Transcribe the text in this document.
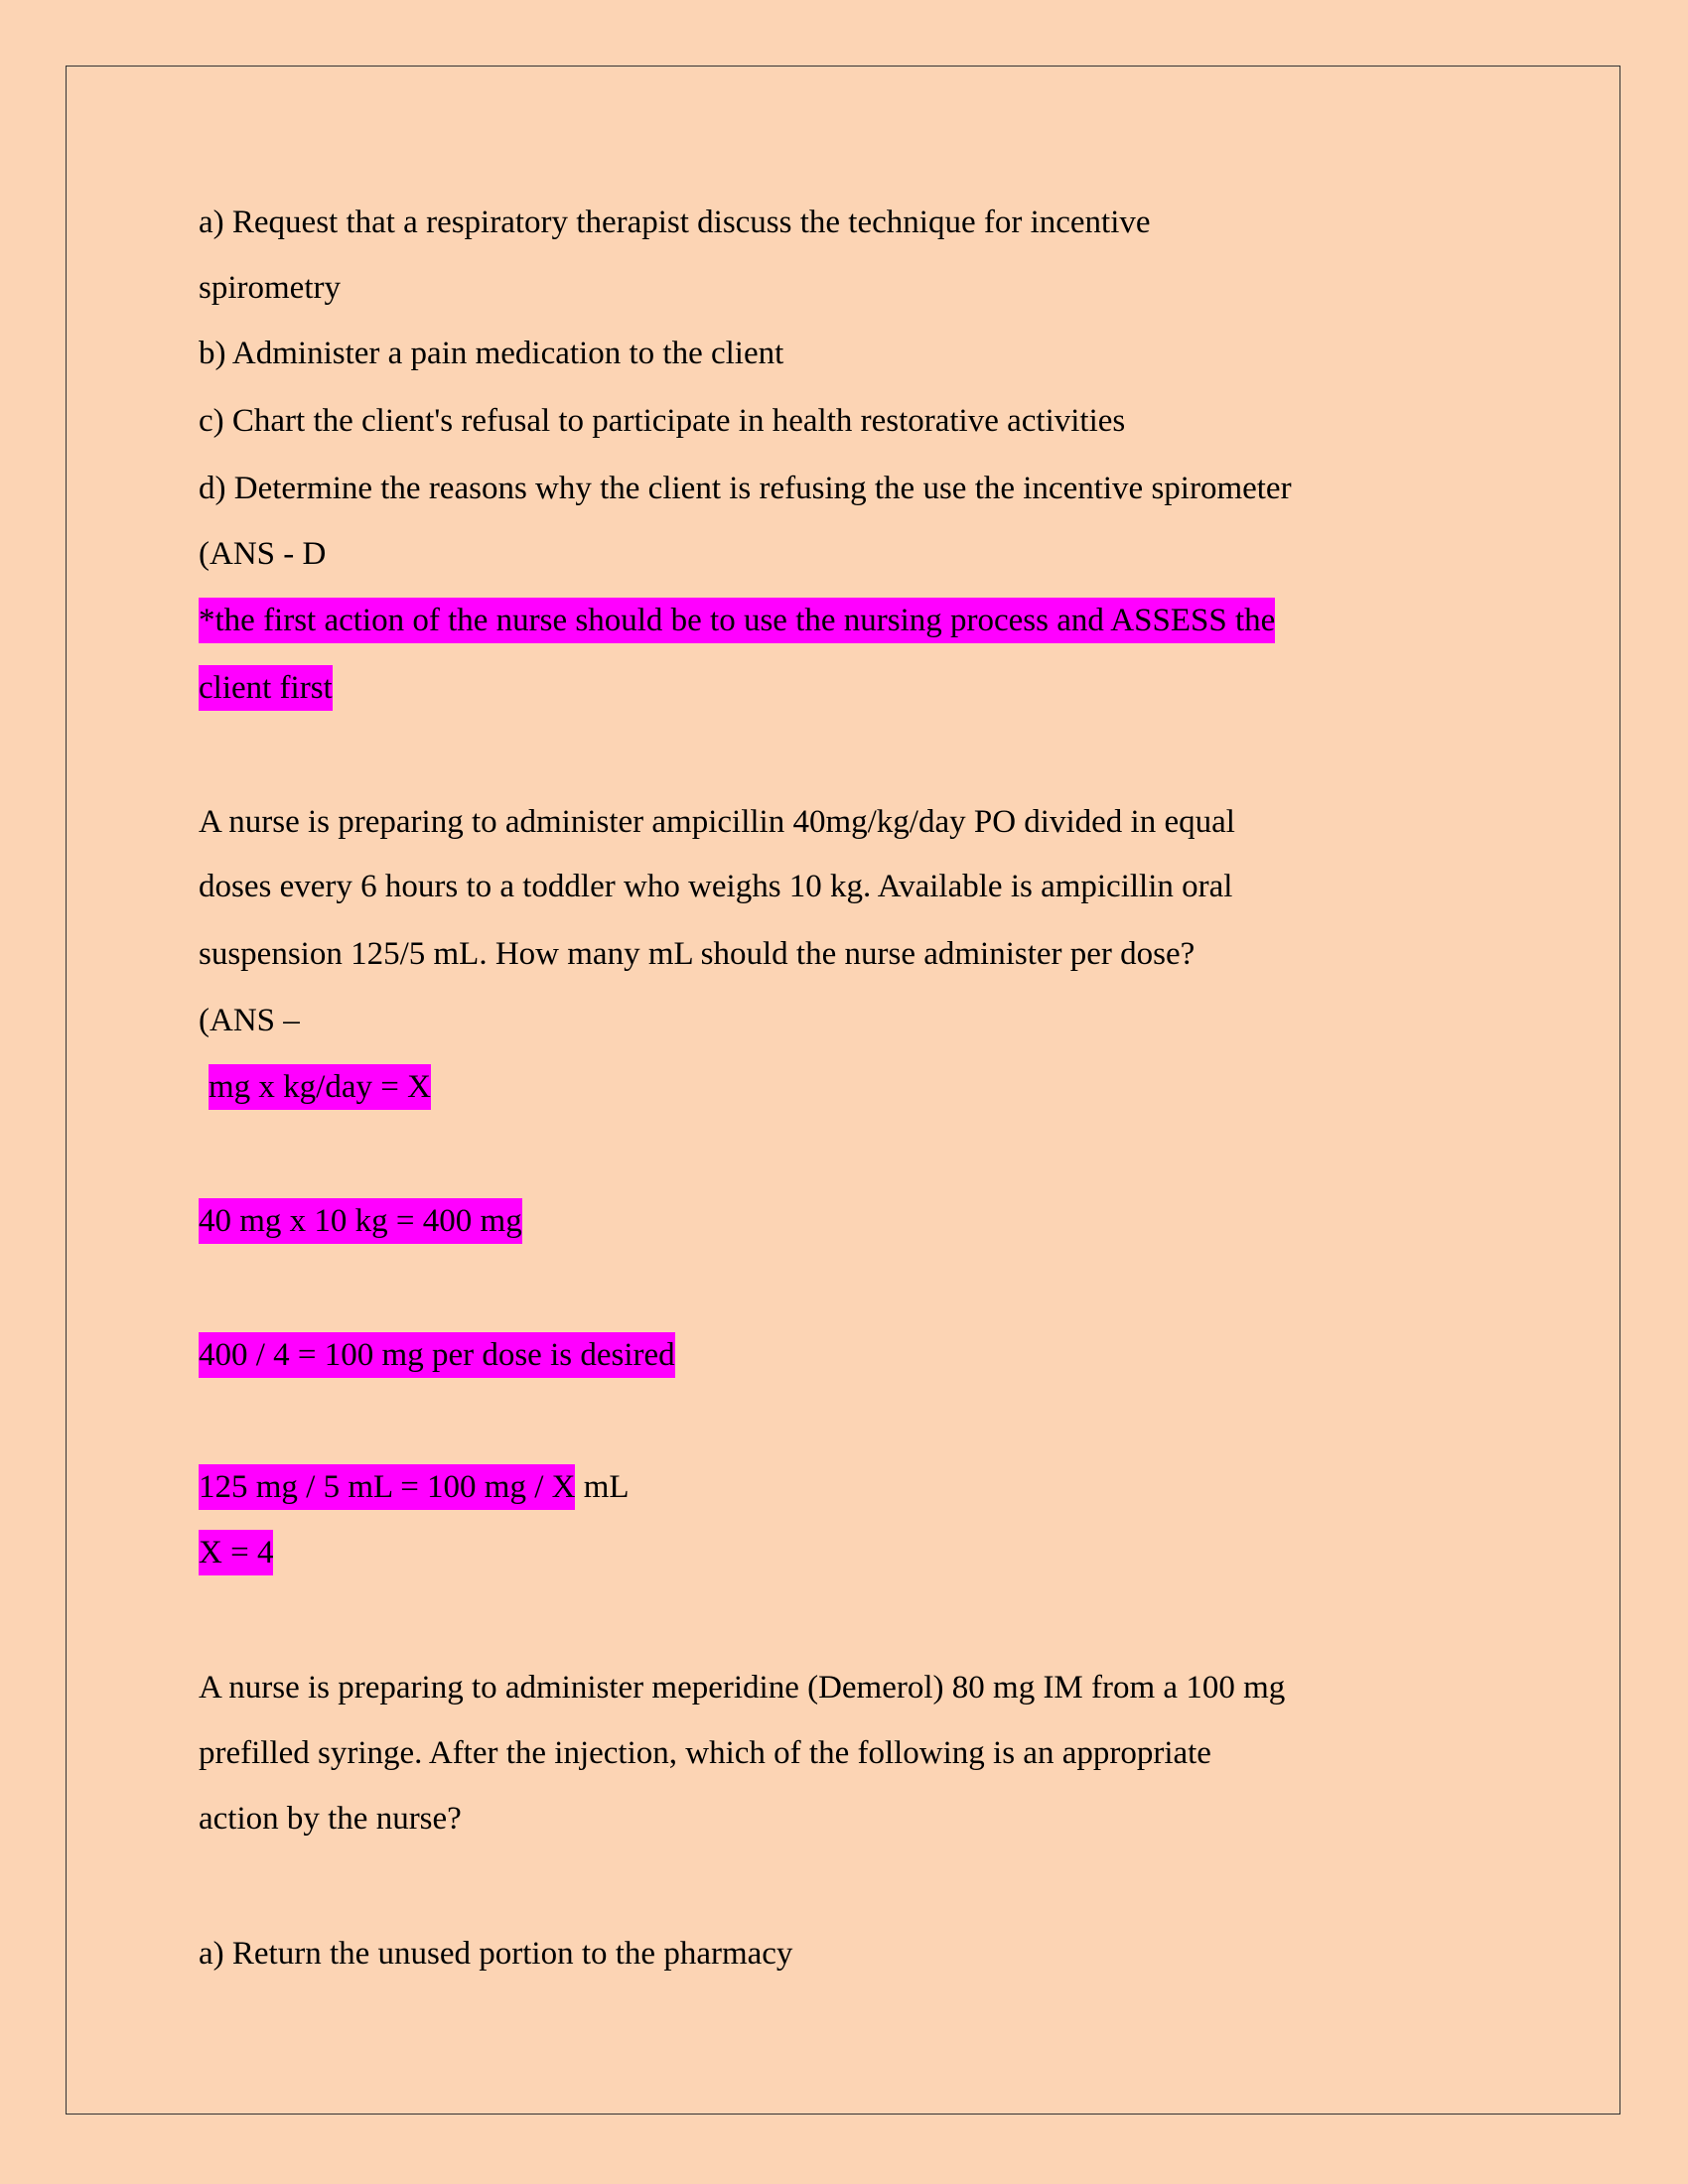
a) Request that a respiratory therapist discuss the technique for incentive
spirometry
b) Administer a pain medication to the client
c) Chart the client's refusal to participate in health restorative activities
d) Determine the reasons why the client is refusing the use the incentive spirometer
(ANS - D
*the first action of the nurse should be to use the nursing process and ASSESS the
client first
A nurse is preparing to administer ampicillin 40mg/kg/day PO divided in equal
doses every 6 hours to a toddler who weighs 10 kg. Available is ampicillin oral
suspension 125/5 mL. How many mL should the nurse administer per dose?
(ANS –
mg x kg/day = X
40 mg x 10 kg = 400 mg
400 / 4 = 100 mg per dose is desired
125 mg / 5 mL = 100 mg / X mL
X = 4
A nurse is preparing to administer meperidine (Demerol) 80 mg IM from a 100 mg
prefilled syringe. After the injection, which of the following is an appropriate
action by the nurse?
a) Return the unused portion to the pharmacy
